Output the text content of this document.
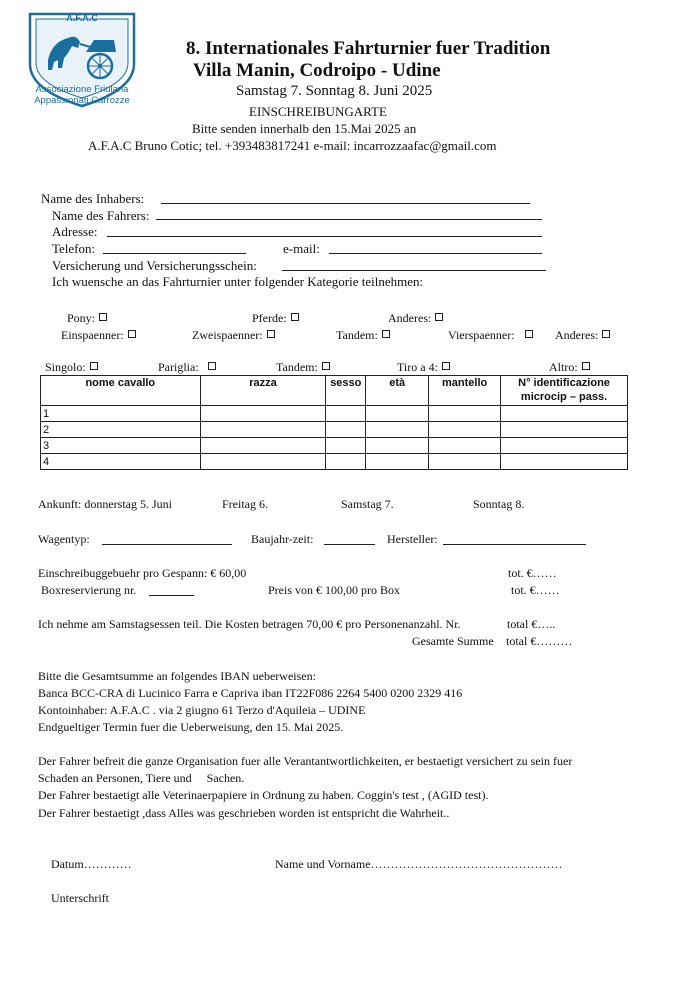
A.F.A.C
Associazione Friulana
Appassionati Carrozze
8. Internationales Fahrturnier fuer Tradition
Villa Manin, Codroipo - Udine
Samstag 7. Sonntag 8. Juni 2025
EINSCHREIBUNGARTE
Bitte senden innerhalb den 15.Mai 2025 an
A.F.A.C Bruno Cotic; tel. +393483817241 e-mail: incarrozzaafac@gmail.com
Name des Inhabers:
Name des Fahrers:
Adresse:
Telefon:	e-mail:
Versicherung und Versicherungsschein:
Ich wuensche an das Fahrturnier unter folgender Kategorie teilnehmen:
Pony:	Pferde:	Anderes:
Einspaenner:	Zweispaenner:	Tandem:	Vierspaenner:	Anderes:
Singolo:	Pariglia:	Tandem:	Tiro a 4:	Altro:
nome cavallo	razza	sesso	età	mantello	N° identificazione microcip – pass.
1					
2					
3					
4					
Ankunft: donnerstag 5. Juni	Freitag 6.	Samstag 7.	Sonntag 8.
Wagentyp:	Baujahr-zeit:	Hersteller:
Einschreibuggebuehr pro Gespann: € 60,00	tot. €……
Boxreservierung nr.	Preis von € 100,00 pro Box	tot. €……
Ich nehme am Samstagsessen teil. Die Kosten betragen 70,00 € pro Personenanzahl. Nr.	total €…..
Gesamte Summe total €………
Bitte die Gesamtsumme an folgendes IBAN ueberweisen:
Banca BCC-CRA di Lucinico Farra e Capriva iban IT22F086 2264 5400 0200 2329 416
Kontoinhaber: A.F.A.C . via 2 giugno 61 Terzo d'Aquileia – UDINE
Endgueltiger Termin fuer die Ueberweisung, den 15. Mai 2025.
Der Fahrer befreit die ganze Organisation fuer alle Verantantwortlichkeiten, er bestaetigt versichert zu sein fuer
Schaden an Personen, Tiere und     Sachen.
Der Fahrer bestaetigt alle Veterinaerpapiere in Ordnung zu haben. Coggin's test , (AGID test).
Der Fahrer bestaetigt ,dass Alles was geschrieben worden ist entspricht die Wahrheit..
Datum…………	Name und Vorname…………………………………………
Unterschrift
